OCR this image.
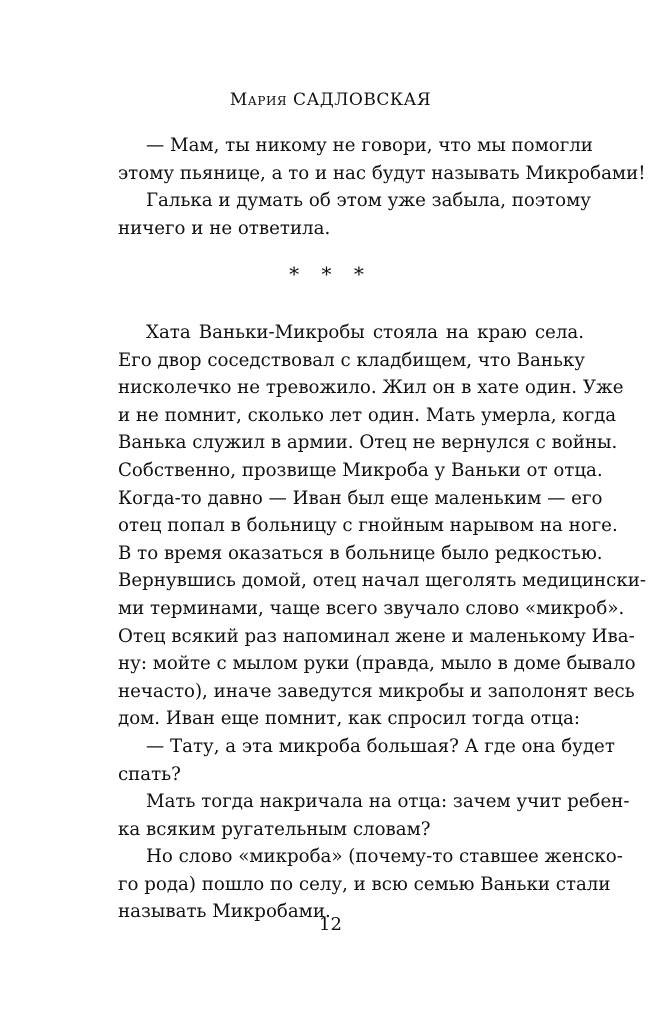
Мария САДЛОВСКАЯ
— Мам, ты никому не говори, что мы помогли
этому пьянице, а то и нас будут называть Микробами!
Галька и думать об этом уже забыла, поэтому
ничего и не ответила.
* * *
Хата Ваньки-Микробы стояла на краю села.
Его двор соседствовал с кладбищем, что Ваньку
нисколечко не тревожило. Жил он в хате один. Уже
и не помнит, сколько лет один. Мать умерла, когда
Ванька служил в армии. Отец не вернулся с войны.
Собственно, прозвище Микроба у Ваньки от отца.
Когда-то давно — Иван был еще маленьким — его
отец попал в больницу с гнойным нарывом на ноге.
В то время оказаться в больнице было редкостью.
Вернувшись домой, отец начал щеголять медицински-
ми терминами, чаще всего звучало слово «микроб».
Отец всякий раз напоминал жене и маленькому Ива-
ну: мойте с мылом руки (правда, мыло в доме бывало
нечасто), иначе заведутся микробы и заполонят весь
дом. Иван еще помнит, как спросил тогда отца:
— Тату, а эта микроба большая? А где она будет
спать?
Мать тогда накричала на отца: зачем учит ребен-
ка всяким ругательным словам?
Но слово «микроба» (почему-то ставшее женско-
го рода) пошло по селу, и всю семью Ваньки стали
называть Микробами.
12
